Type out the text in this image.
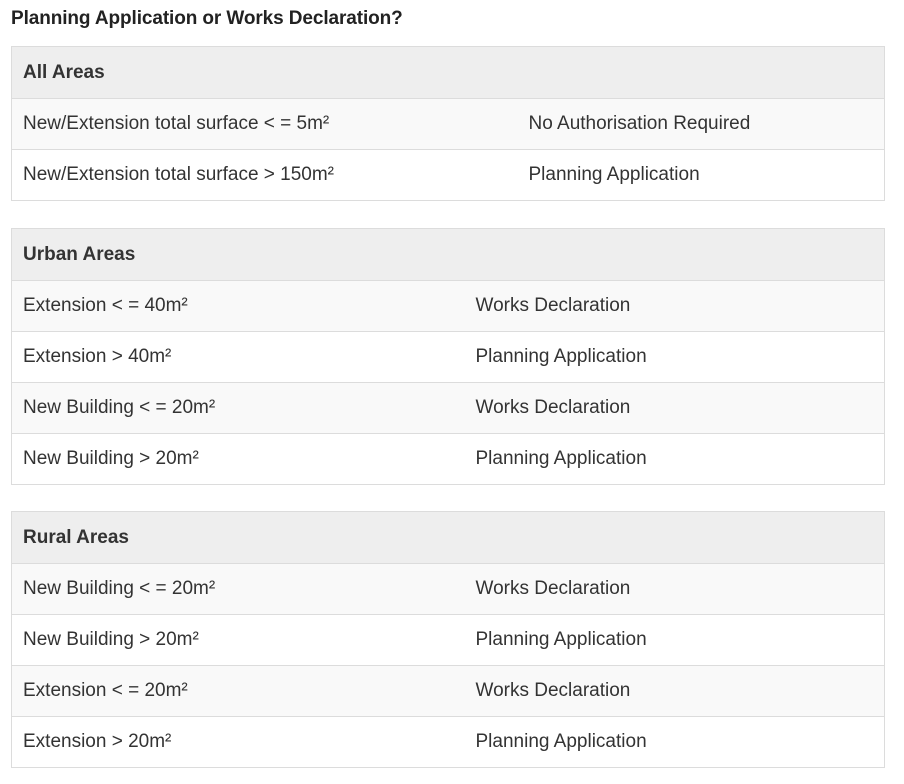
Planning Application or Works Declaration?
All Areas	
New/Extension total surface < = 5m²	No Authorisation Required
New/Extension total surface > 150m²	Planning Application
Urban Areas	
Extension < = 40m²	Works Declaration
Extension > 40m²	Planning Application
New Building < = 20m²	Works Declaration
New Building > 20m²	Planning Application
Rural Areas	
New Building < = 20m²	Works Declaration
New Building > 20m²	Planning Application
Extension < = 20m²	Works Declaration
Extension > 20m²	Planning Application
